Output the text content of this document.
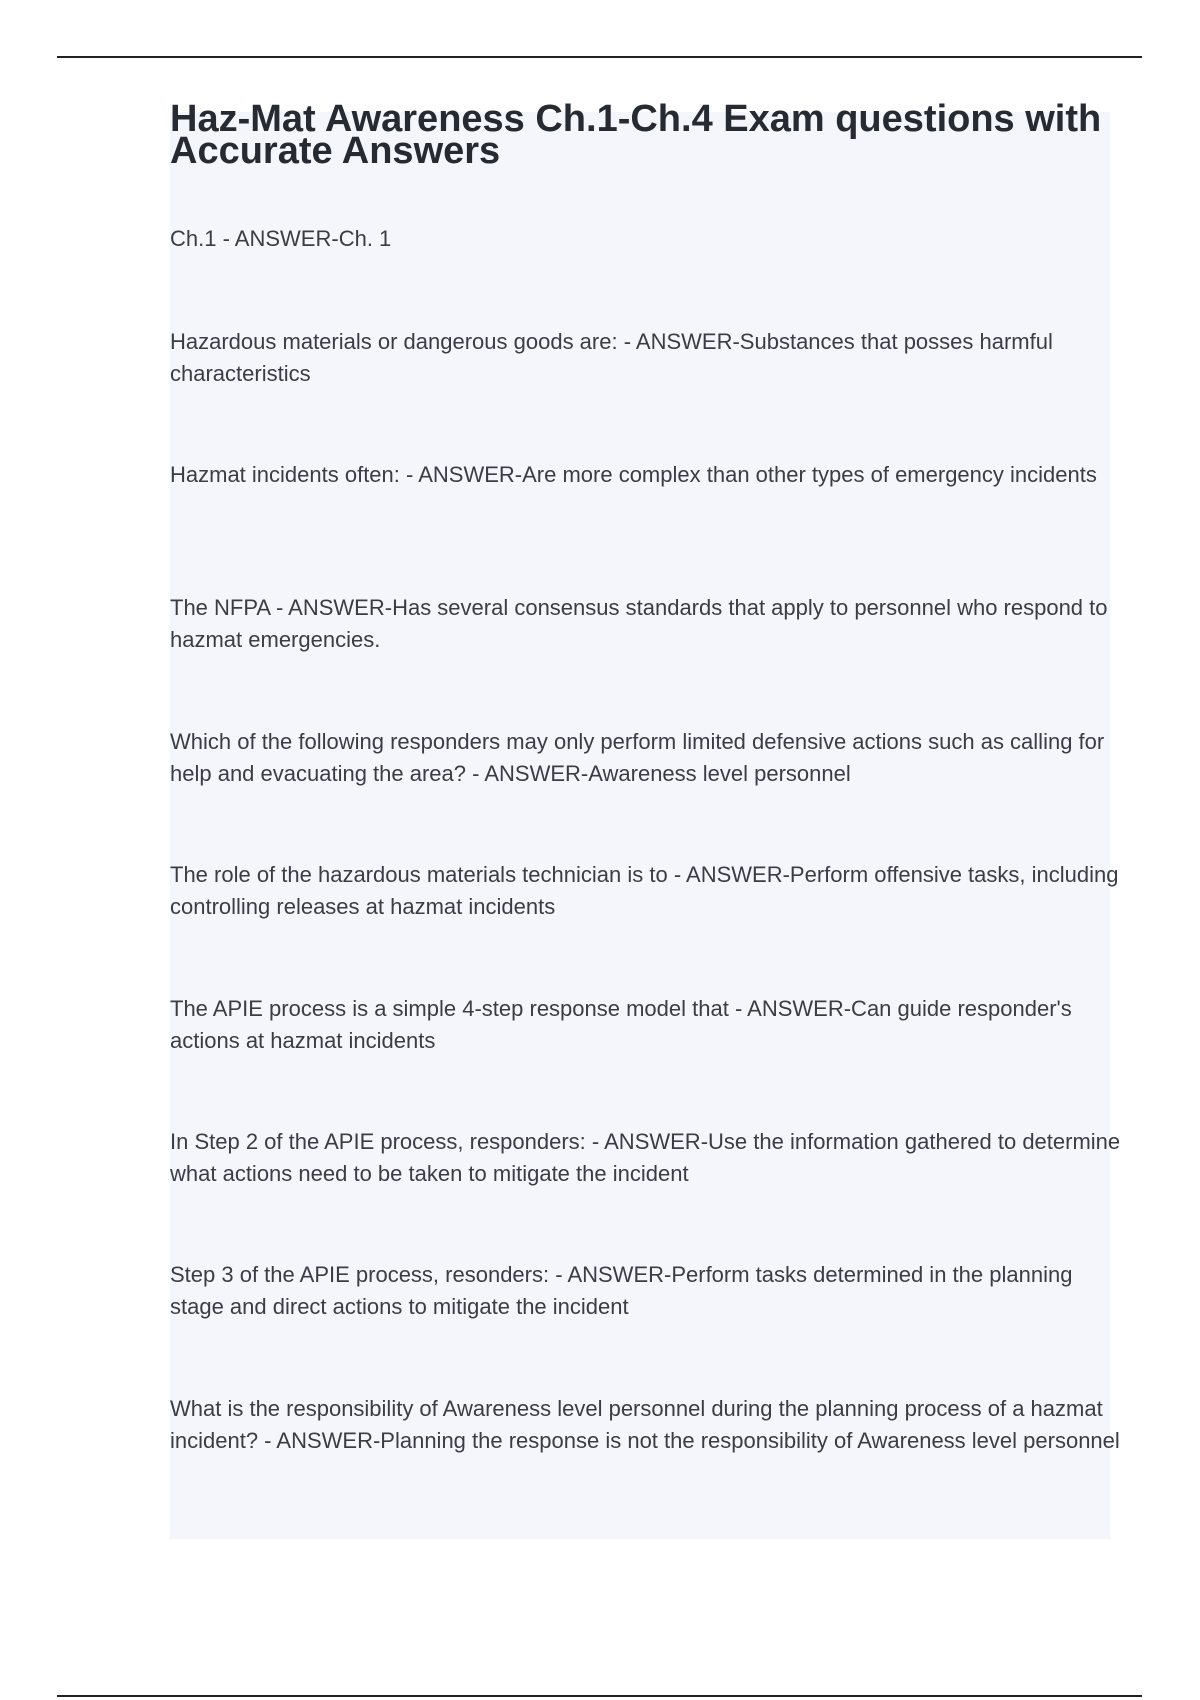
Haz-Mat Awareness Ch.1-Ch.4 Exam questions with Accurate Answers

Ch.1 - ANSWER-Ch. 1

Hazardous materials or dangerous goods are: - ANSWER-Substances that posses harmful characteristics

Hazmat incidents often: - ANSWER-Are more complex than other types of emergency incidents

The NFPA - ANSWER-Has several consensus standards that apply to personnel who respond to hazmat emergencies.

Which of the following responders may only perform limited defensive actions such as calling for help and evacuating the area? - ANSWER-Awareness level personnel

The role of the hazardous materials technician is to - ANSWER-Perform offensive tasks, including controlling releases at hazmat incidents

The APIE process is a simple 4-step response model that - ANSWER-Can guide responder's actions at hazmat incidents

In Step 2 of the APIE process, responders: - ANSWER-Use the information gathered to determine what actions need to be taken to mitigate the incident

Step 3 of the APIE process, resonders: - ANSWER-Perform tasks determined in the planning stage and direct actions to mitigate the incident

What is the responsibility of Awareness level personnel during the planning process of a hazmat incident? - ANSWER-Planning the response is not the responsibility of Awareness level personnel
